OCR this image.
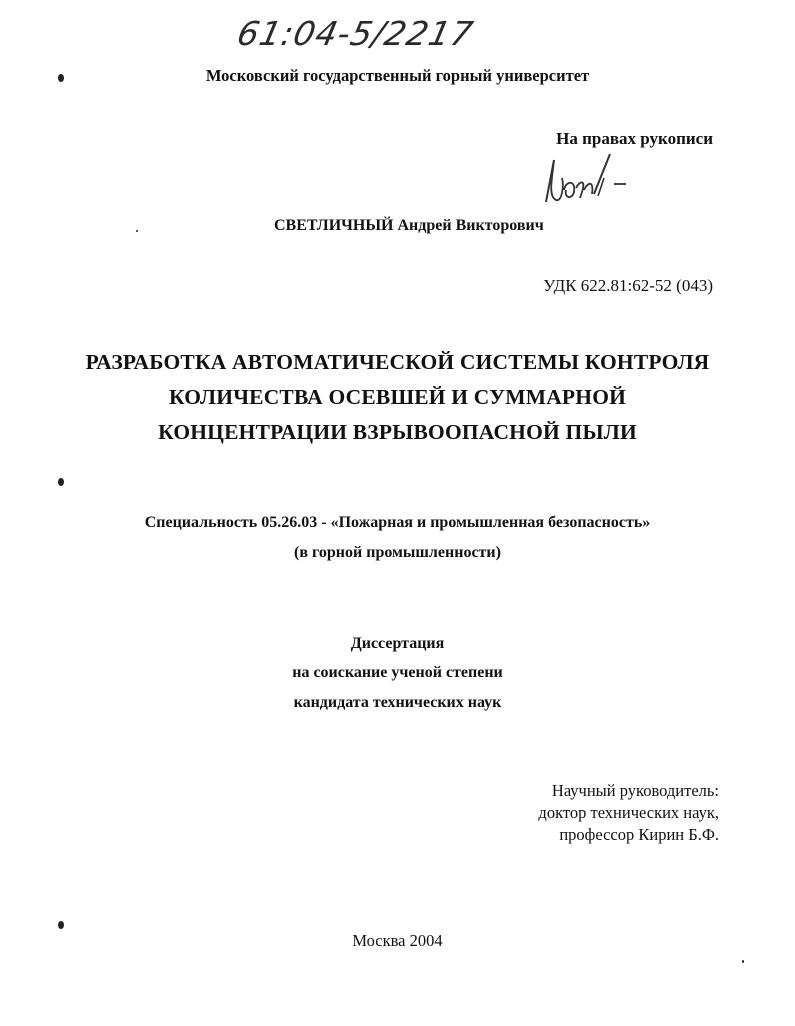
61:04-5/2217
Московский государственный горный университет
На правах рукописи
СВЕТЛИЧНЫЙ Андрей Викторович
УДК 622.81:62-52 (043)
РАЗРАБОТКА АВТОМАТИЧЕСКОЙ СИСТЕМЫ КОНТРОЛЯ
КОЛИЧЕСТВА ОСЕВШЕЙ И СУММАРНОЙ
КОНЦЕНТРАЦИИ ВЗРЫВООПАСНОЙ ПЫЛИ
Специальность 05.26.03 - «Пожарная и промышленная безопасность»
(в горной промышленности)
Диссертация
на соискание ученой степени
кандидата технических наук
Научный руководитель:
доктор технических наук,
профессор Кирин Б.Ф.
Москва 2004
